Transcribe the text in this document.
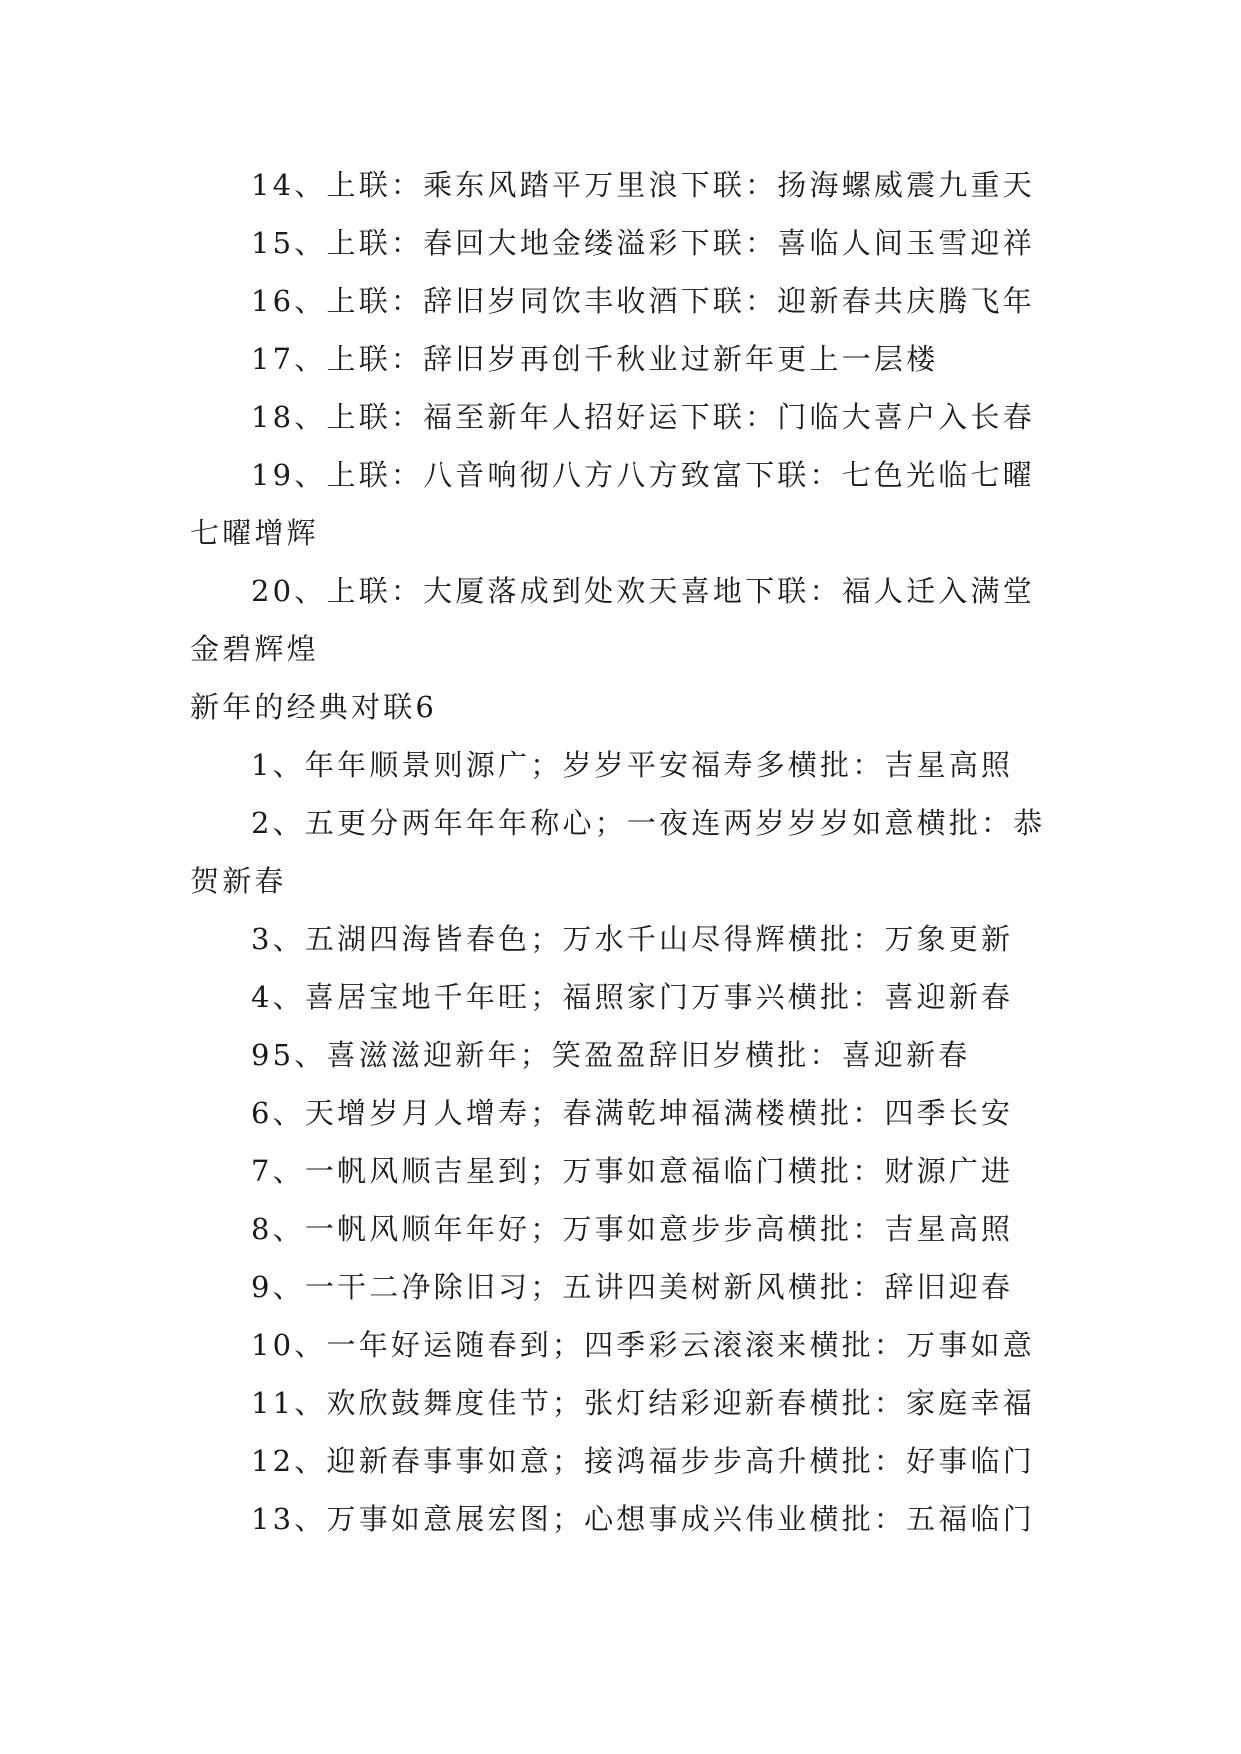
14、上联：乘东风踏平万里浪下联：扬海螺威震九重天

15、上联：春回大地金缕溢彩下联：喜临人间玉雪迎祥

16、上联：辞旧岁同饮丰收酒下联：迎新春共庆腾飞年

17、上联：辞旧岁再创千秋业过新年更上一层楼

18、上联：福至新年人招好运下联：门临大喜户入长春

19、上联：八音响彻八方八方致富下联：七色光临七曜七曜增辉

20、上联：大厦落成到处欢天喜地下联：福人迁入满堂金碧辉煌

新年的经典对联6

1、年年顺景则源广；岁岁平安福寿多横批：吉星高照

2、五更分两年年年称心；一夜连两岁岁岁如意横批：恭贺新春

3、五湖四海皆春色；万水千山尽得辉横批：万象更新

4、喜居宝地千年旺；福照家门万事兴横批：喜迎新春

95、喜滋滋迎新年；笑盈盈辞旧岁横批：喜迎新春

6、天增岁月人增寿；春满乾坤福满楼横批：四季长安

7、一帆风顺吉星到；万事如意福临门横批：财源广进

8、一帆风顺年年好；万事如意步步高横批：吉星高照

9、一干二净除旧习；五讲四美树新风横批：辞旧迎春

10、一年好运随春到；四季彩云滚滚来横批：万事如意

11、欢欣鼓舞度佳节；张灯结彩迎新春横批：家庭幸福

12、迎新春事事如意；接鸿福步步高升横批：好事临门

13、万事如意展宏图；心想事成兴伟业横批：五福临门
